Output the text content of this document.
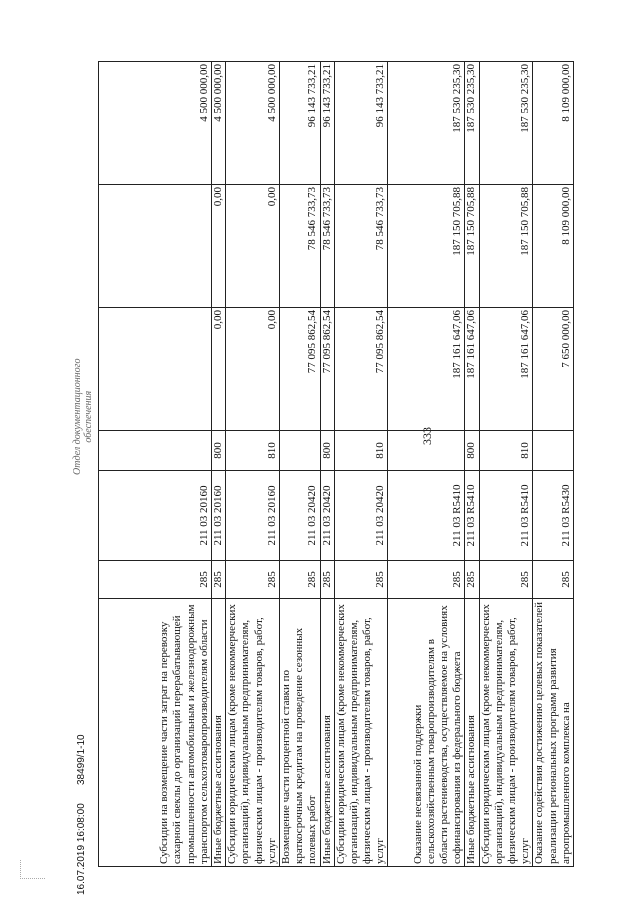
333
Субсидии на возмещение части затрат на перевозку сахарной свеклы до организаций перерабатывающей промышленности автомобильным и железнодорожным транспортом сельхозтоваропроизводителям области	285	211 03 20160				4 500 000,00
Иные бюджетные ассигнования	285	211 03 20160	800	0,00	0,00	4 500 000,00
Субсидии юридическим лицам (кроме некоммерческих организаций), индивидуальным предпринимателям, физическим лицам - производителям товаров, работ, услуг	285	211 03 20160	810	0,00	0,00	4 500 000,00
Возмещение части процентной ставки по краткосрочным кредитам на проведение сезонных полевых работ	285	211 03 20420		77 095 862,54	78 546 733,73	96 143 733,21
Иные бюджетные ассигнования	285	211 03 20420	800	77 095 862,54	78 546 733,73	96 143 733,21
Субсидии юридическим лицам (кроме некоммерческих организаций), индивидуальным предпринимателям, физическим лицам - производителям товаров, работ, услуг	285	211 03 20420	810	77 095 862,54	78 546 733,73	96 143 733,21
Оказание несвязанной поддержки сельскохозяйственным товаропроизводителям в области растениеводства, осуществляемое на условиях софинансирования из федерального бюджета	285	211 03 R5410		187 161 647,06	187 150 705,88	187 530 235,30
Иные бюджетные ассигнования	285	211 03 R5410	800	187 161 647,06	187 150 705,88	187 530 235,30
Субсидии юридическим лицам (кроме некоммерческих организаций), индивидуальным предпринимателям, физическим лицам - производителям товаров, работ, услуг	285	211 03 R5410	810	187 161 647,06	187 150 705,88	187 530 235,30
Оказание содействия достижению целевых показателей реализации региональных программ развития агропромышленного комплекса на	285	211 03 R5430		7 650 000,00	8 109 000,00	8 109 000,00
16.07.2019 16:08:00
38499/1-10
Отдел документационного обеспечения
